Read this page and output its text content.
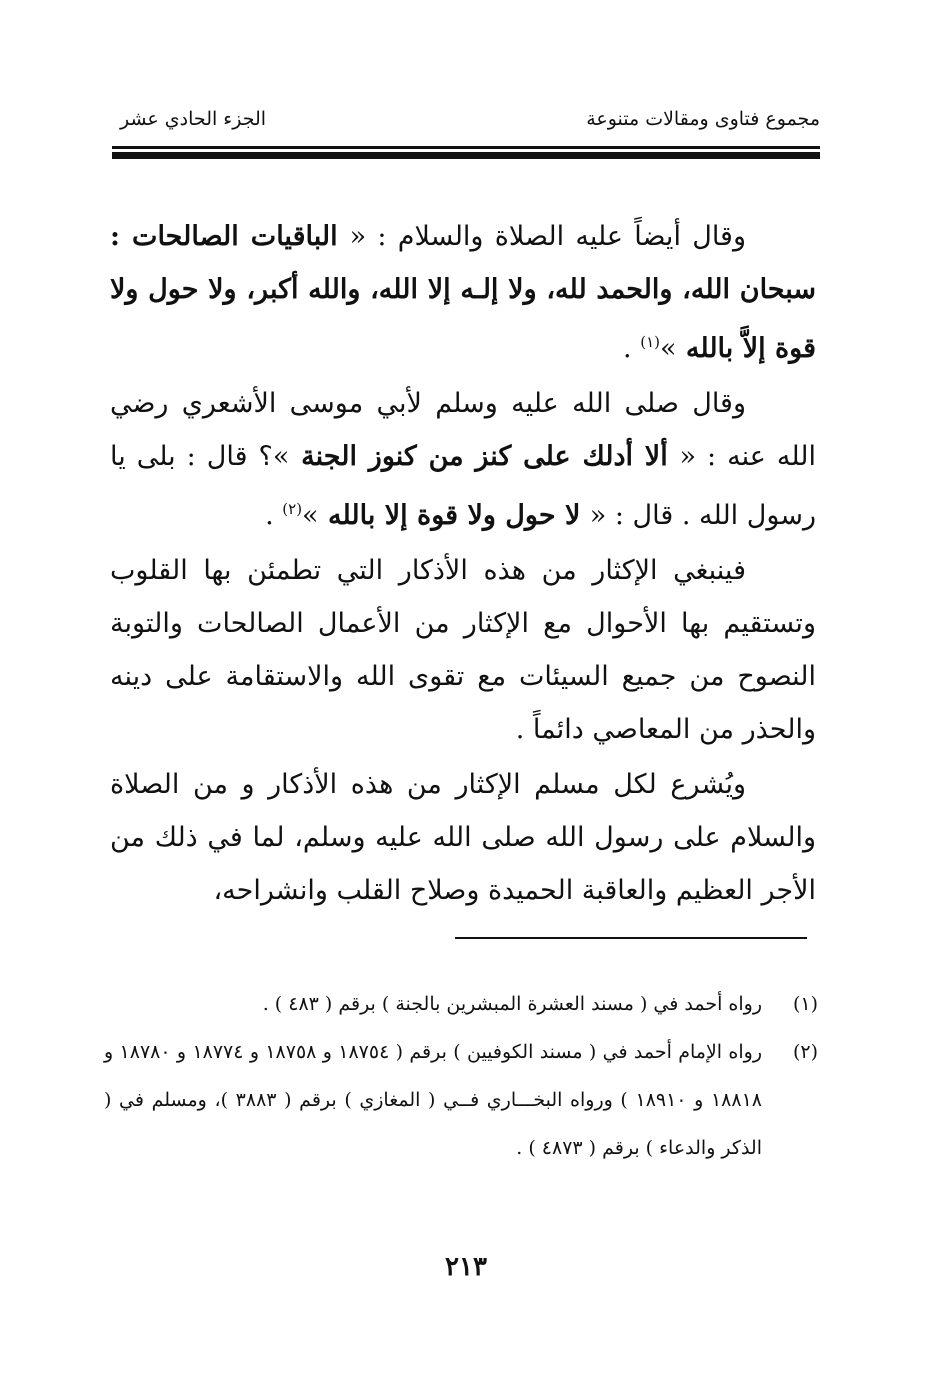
مجموع فتاوى ومقالات متنوعة
الجزء الحادي عشر

وقال أيضاً عليه الصلاة والسلام : « الباقيات الصالحات : سبحان الله، والحمد لله، ولا إلـه إلا الله، والله أكبر، ولا حول ولا قوة إلاَّ بالله »$^{(١)}$ .

وقال صلى الله عليه وسلم لأبي موسى الأشعري رضي الله عنه : « ألا أدلك على كنز من كنوز الجنة »؟ قال : بلى يا رسول الله . قال : « لا حول ولا قوة إلا بالله »$^{(٢)}$ .

فينبغي الإكثار من هذه الأذكار التي تطمئن بها القلوب وتستقيم بها الأحوال مع الإكثار من الأعمال الصالحات والتوبة النصوح من جميع السيئات مع تقوى الله والاستقامة على دينه والحذر من المعاصي دائماً .

ويُشرع لكل مسلم الإكثار من هذه الأذكار و من الصلاة والسلام على رسول الله صلى الله عليه وسلم، لما في ذلك من الأجر العظيم والعاقبة الحميدة وصلاح القلب وانشراحه،

(١)
رواه أحمد في ( مسند العشرة المبشرين بالجنة ) برقم ( ٤٨٣ ) .
(٢)
رواه الإمام أحمد في ( مسند الكوفيين ) برقم ( ١٨٧٥٤ و ١٨٧٥٨ و ١٨٧٧٤ و ١٨٧٨٠ و ١٨٨١٨ و ١٨٩١٠ ) ورواه البخـــاري فــي ( المغازي ) برقم ( ٣٨٨٣ )، ومسلم في ( الذكر والدعاء ) برقم ( ٤٨٧٣ ) .
٢١٣
